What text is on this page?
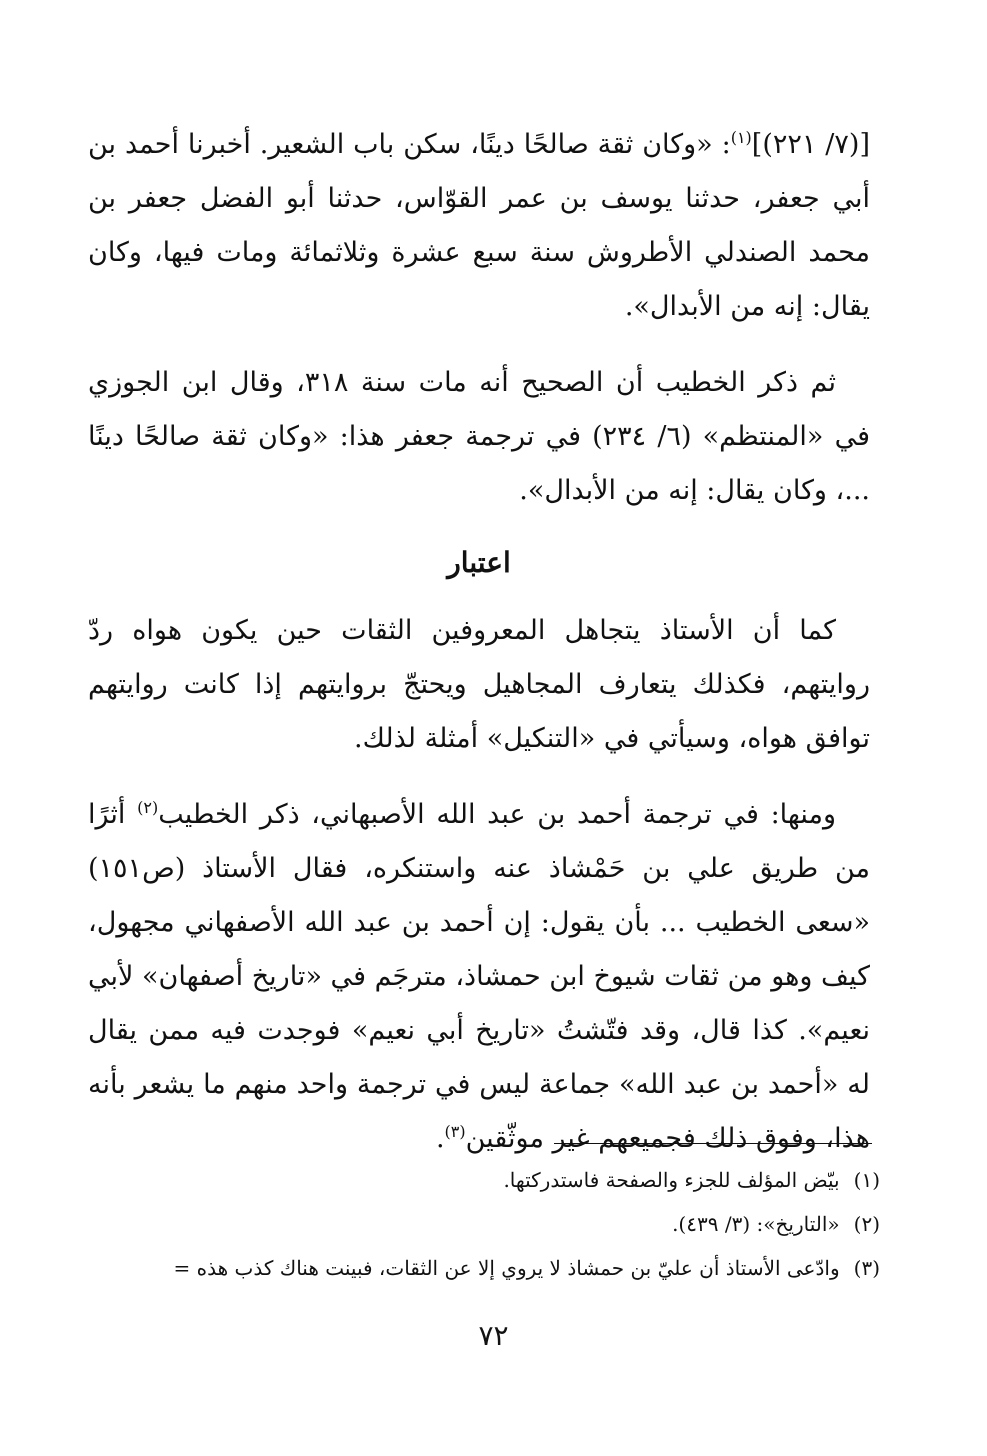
[(٧/ ٢٢١)]$^{(١)}$: «وكان ثقة صالحًا دينًا، سكن باب الشعير. أخبرنا أحمد بن أبي جعفر، حدثنا يوسف بن عمر القوّاس، حدثنا أبو الفضل جعفر بن محمد الصندلي الأطروش سنة سبع عشرة وثلاثمائة ومات فيها، وكان يقال: إنه من الأبدال».

ثم ذكر الخطيب أن الصحيح أنه مات سنة ٣١٨، وقال ابن الجوزي في «المنتظم» (٦/ ٢٣٤) في ترجمة جعفر هذا: «وكان ثقة صالحًا دينًا ...، وكان يقال: إنه من الأبدال».

اعتبار

كما أن الأستاذ يتجاهل المعروفين الثقات حين يكون هواه ردّ روايتهم، فكذلك يتعارف المجاهيل ويحتجّ بروايتهم إذا كانت روايتهم توافق هواه، وسيأتي في «التنكيل» أمثلة لذلك.

ومنها: في ترجمة أحمد بن عبد الله الأصبهاني، ذكر الخطيب$^{(٢)}$ أثرًا من طريق علي بن حَمْشاذ عنه واستنكره، فقال الأستاذ (ص١٥١) «سعى الخطيب ... بأن يقول: إن أحمد بن عبد الله الأصفهاني مجهول، كيف وهو من ثقات شيوخ ابن حمشاذ، مترجَم في «تاريخ أصفهان» لأبي نعيم». كذا قال، وقد فتّشتُ «تاريخ أبي نعيم» فوجدت فيه ممن يقال له «أحمد بن عبد الله» جماعة ليس في ترجمة واحد منهم ما يشعر بأنه هذا، وفوق ذلك فجميعهم غير موثّقين$^{(٣)}$.

(١)بيّض المؤلف للجزء والصفحة فاستدركتها.

(٢)«التاريخ»: (٣/ ٤٣٩).

(٣)وادّعى الأستاذ أن عليّ بن حمشاذ لا يروي إلا عن الثقات، فبينت هناك كذب هذه =

٧٢
